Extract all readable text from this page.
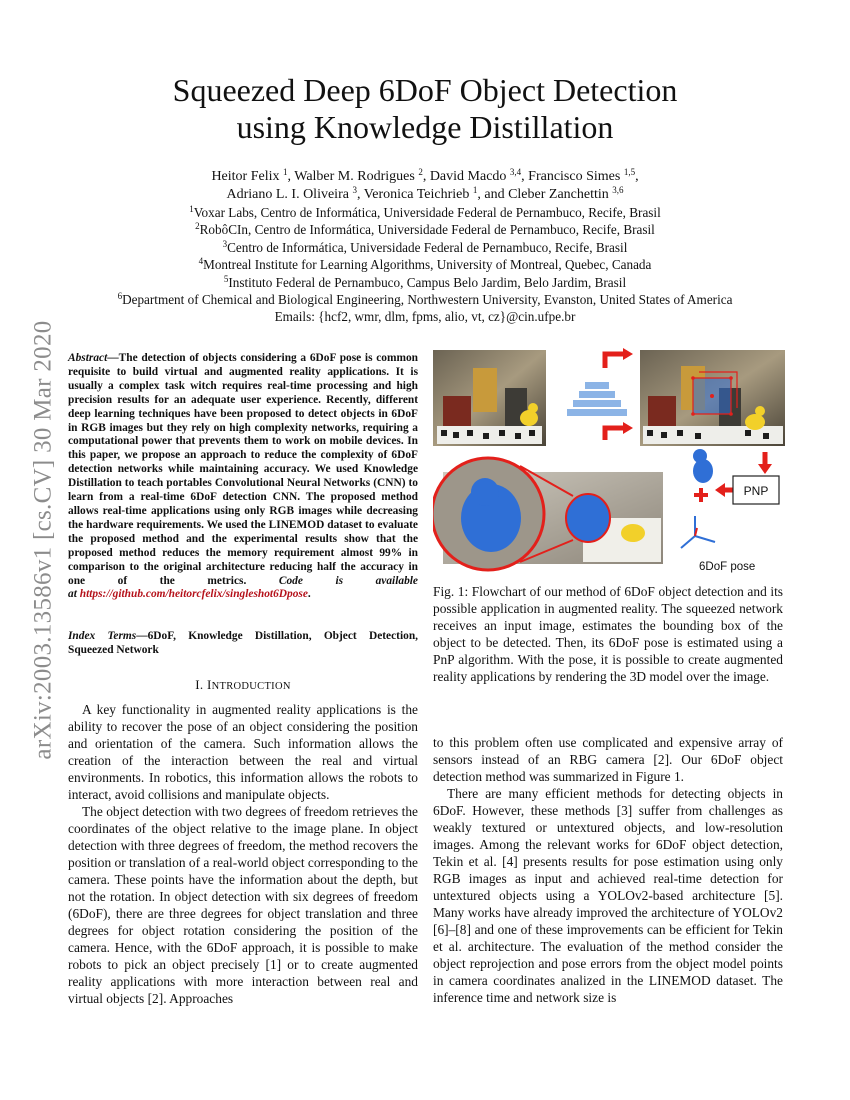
arXiv:2003.13586v1 [cs.CV] 30 Mar 2020
Squeezed Deep 6DoF Object Detection
using Knowledge Distillation
Heitor Felix $^1$, Walber M. Rodrigues $^2$, David Macdo $^{3,4}$, Francisco Simes $^{1,5}$,
Adriano L. I. Oliveira $^3$, Veronica Teichrieb $^1$, and Cleber Zanchettin $^{3,6}$
$^1$Voxar Labs, Centro de Informática, Universidade Federal de Pernambuco, Recife, Brasil
$^2$RobôCIn, Centro de Informática, Universidade Federal de Pernambuco, Recife, Brasil
$^3$Centro de Informática, Universidade Federal de Pernambuco, Recife, Brasil
$^4$Montreal Institute for Learning Algorithms, University of Montreal, Quebec, Canada
$^5$Instituto Federal de Pernambuco, Campus Belo Jardim, Belo Jardim, Brasil
$^6$Department of Chemical and Biological Engineering, Northwestern University, Evanston, United States of America
Emails: {hcf2, wmr, dlm, fpms, alio, vt, cz}@cin.ufpe.br
Abstract—The detection of objects considering a 6DoF pose is common requisite to build virtual and augmented reality applications. It is usually a complex task witch requires real-time processing and high precision results for an adequate user experience. Recently, different deep learning techniques have been proposed to detect objects in 6DoF in RGB images but they rely on high complexity networks, requiring a computational power that prevents them to work on mobile devices. In this paper, we propose an approach to reduce the complexity of 6DoF detection networks while maintaining accuracy. We used Knowledge Distillation to teach portables Convolutional Neural Networks (CNN) to learn from a real-time 6DoF detection CNN. The proposed method allows real-time applications using only RGB images while decreasing the hardware requirements. We used the LINEMOD dataset to evaluate the proposed method and the experimental results show that the proposed method reduces the memory requirement almost 99% in comparison to the original architecture reducing half the accuracy in one of the metrics. Code is available at https://github.com/heitorcfelix/singleshot6Dpose.
Index Terms—6DoF, Knowledge Distillation, Object Detection, Squeezed Network
I. INTRODUCTION

A key functionality in augmented reality applications is the ability to recover the pose of an object considering the position and orientation of the camera. Such information allows the creation of the interaction between the real and virtual environments. In robotics, this information allows the robots to interact, avoid collisions and manipulate objects.

The object detection with two degrees of freedom retrieves the coordinates of the object relative to the image plane. In object detection with three degrees of freedom, the method recovers the position or translation of a real-world object corresponding to the camera. These points have the information about the depth, but not the rotation. In object detection with six degrees of freedom (6DoF), there are three degrees for object translation and three degrees for object rotation considering the position of the camera. Hence, with the 6DoF approach, it is possible to make robots to pick an object precisely [1] or to create augmented reality applications with more interaction between real and virtual objects [2]. Approaches

PNP
6DoF pose
Fig. 1: Flowchart of our method of 6DoF object detection and its possible application in augmented reality. The squeezed network receives an input image, estimates the bounding box of the object to be detected. Then, its 6DoF pose is estimated using a PnP algorithm. With the pose, it is possible to create augmented reality applications by rendering the 3D model over the image.

to this problem often use complicated and expensive array of sensors instead of an RBG camera [2]. Our 6DoF object detection method was summarized in Figure 1.

There are many efficient methods for detecting objects in 6DoF. However, these methods [3] suffer from challenges as weakly textured or untextured objects, and low-resolution images. Among the relevant works for 6DoF object detection, Tekin et al. [4] presents results for pose estimation using only RGB images as input and achieved real-time detection for untextured objects using a YOLOv2-based architecture [5]. Many works have already improved the architecture of YOLOv2 [6]–[8] and one of these improvements can be efficient for Tekin et al. architecture. The evaluation of the method consider the object reprojection and pose errors from the object model points in camera coordinates analized in the LINEMOD dataset. The inference time and network size is
